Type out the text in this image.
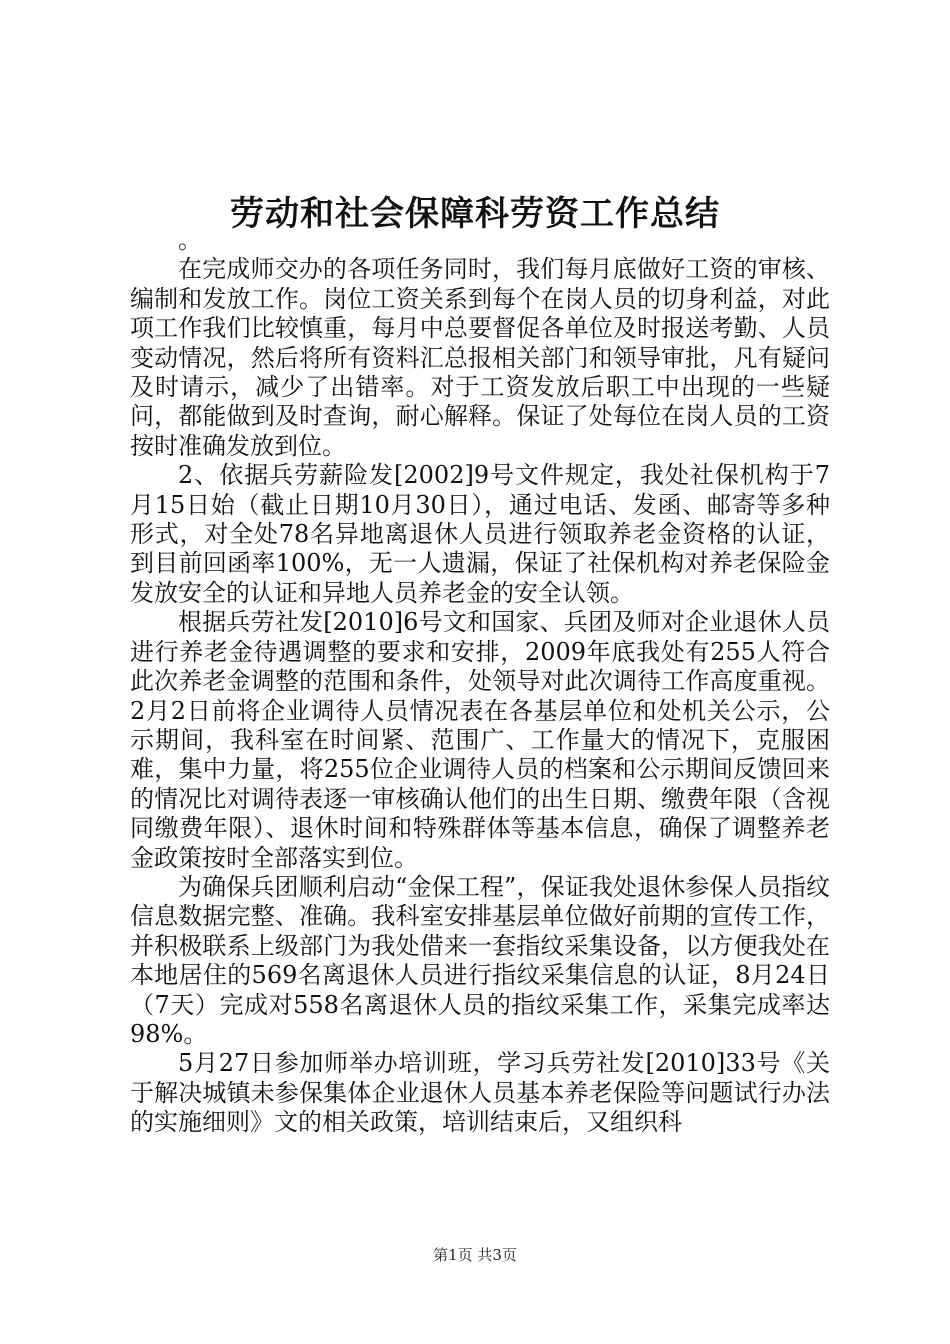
劳动和社会保障科劳资工作总结

。

在完成师交办的各项任务同时，我们每月底做好工资的审核、编制和发放工作。岗位工资关系到每个在岗人员的切身利益，对此项工作我们比较慎重，每月中总要督促各单位及时报送考勤、人员变动情况，然后将所有资料汇总报相关部门和领导审批，凡有疑问及时请示，减少了出错率。对于工资发放后职工中出现的一些疑问，都能做到及时查询，耐心解释。保证了处每位在岗人员的工资按时准确发放到位。

2、依据兵劳薪险发[2002]9号文件规定，我处社保机构于7月15日始（截止日期10月30日），通过电话、发函、邮寄等多种形式，对全处78名异地离退休人员进行领取养老金资格的认证，到目前回函率100%，无一人遗漏，保证了社保机构对养老保险金发放安全的认证和异地人员养老金的安全认领。

根据兵劳社发[2010]6号文和国家、兵团及师对企业退休人员进行养老金待遇调整的要求和安排，2009年底我处有255人符合此次养老金调整的范围和条件，处领导对此次调待工作高度重视。2月2日前将企业调待人员情况表在各基层单位和处机关公示，公示期间，我科室在时间紧、范围广、工作量大的情况下，克服困难，集中力量，将255位企业调待人员的档案和公示期间反馈回来的情况比对调待表逐一审核确认他们的出生日期、缴费年限（含视同缴费年限）、退休时间和特殊群体等基本信息，确保了调整养老金政策按时全部落实到位。

为确保兵团顺利启动“金保工程”，保证我处退休参保人员指纹信息数据完整、准确。我科室安排基层单位做好前期的宣传工作，并积极联系上级部门为我处借来一套指纹采集设备，以方便我处在本地居住的569名离退休人员进行指纹采集信息的认证，8月24日（7天）完成对558名离退休人员的指纹采集工作，采集完成率达98%。

5月27日参加师举办培训班，学习兵劳社发[2010]33号《关于解决城镇未参保集体企业退休人员基本养老保险等问题试行办法的实施细则》文的相关政策，培训结束后，又组织科

第1页 共3页
